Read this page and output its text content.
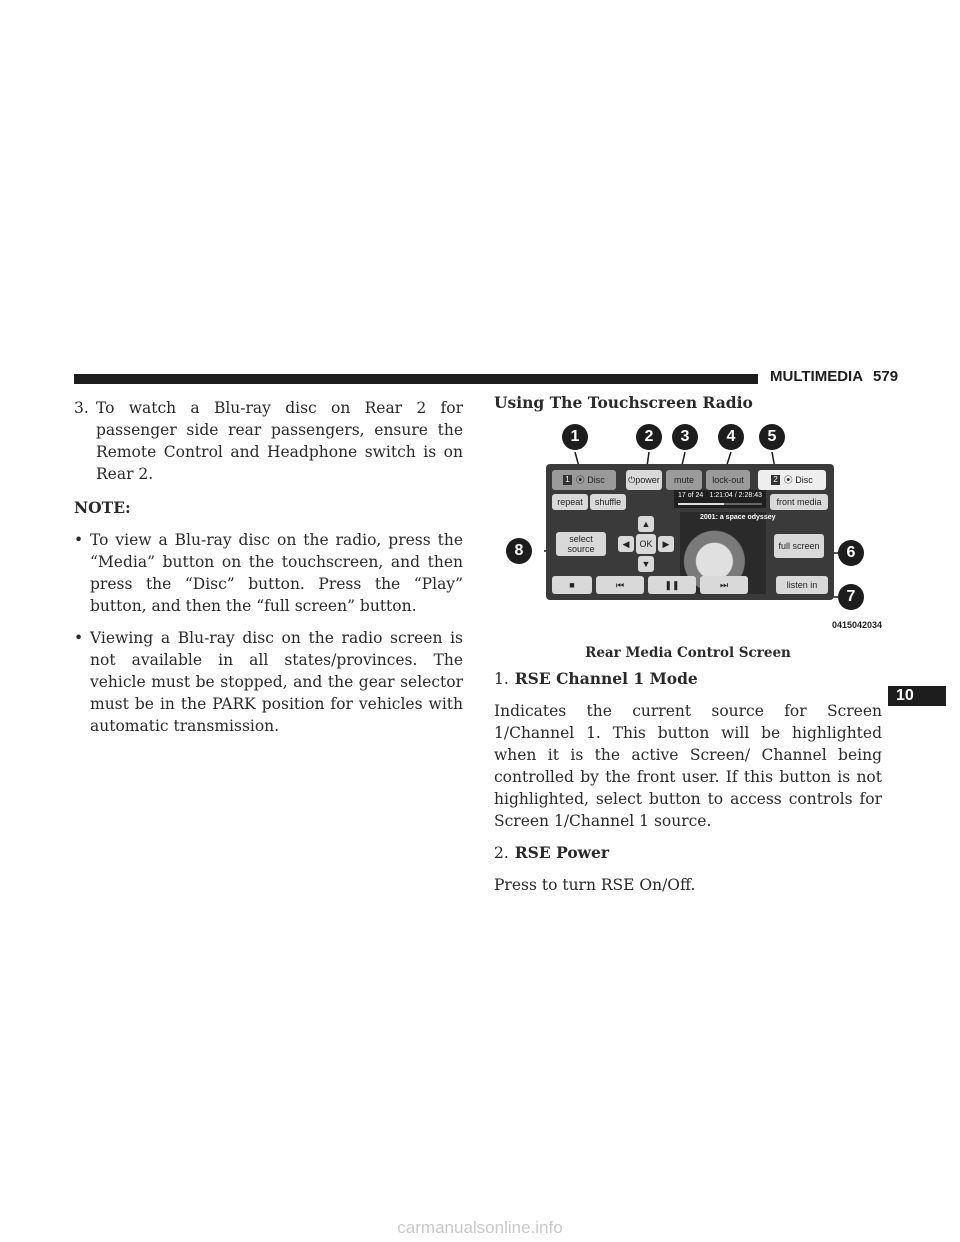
MULTIMEDIA 579
10
3. To watch a Blu-ray disc on Rear 2 for passenger side rear passengers, ensure the Remote Control and Headphone switch is on Rear 2.

NOTE:

• To view a Blu-ray disc on the radio, press the “Media” button on the touchscreen, and then press the “Disc” button. Press the “Play” button, and then the “full screen” button.
• Viewing a Blu-ray disc on the radio screen is not available in all states/provinces. The vehicle must be stopped, and the gear selector must be in the PARK position for vehicles with automatic transmission.
Using The Touchscreen Radio
1 ⦿ Disc	⏻power	mute	lock-out	2 ⦿ Disc
repeat	shuffle
17 of 24 1:21:04 / 2:28:43
front media
select source
▲
◀	OK	▶
▼
2001: a space odyssey
full screen
■	⏮	❚❚	⏭	listen in
1	2	3	4	5
6
7
8
0415042034
Rear Media Control Screen

1. RSE Channel 1 Mode

Indicates the current source for Screen 1/Channel 1. This button will be highlighted when it is the active Screen/ Channel being controlled by the front user. If this button is not highlighted, select button to access controls for Screen 1/Channel 1 source.

2. RSE Power

Press to turn RSE On/Off.

carmanualsonline.info
